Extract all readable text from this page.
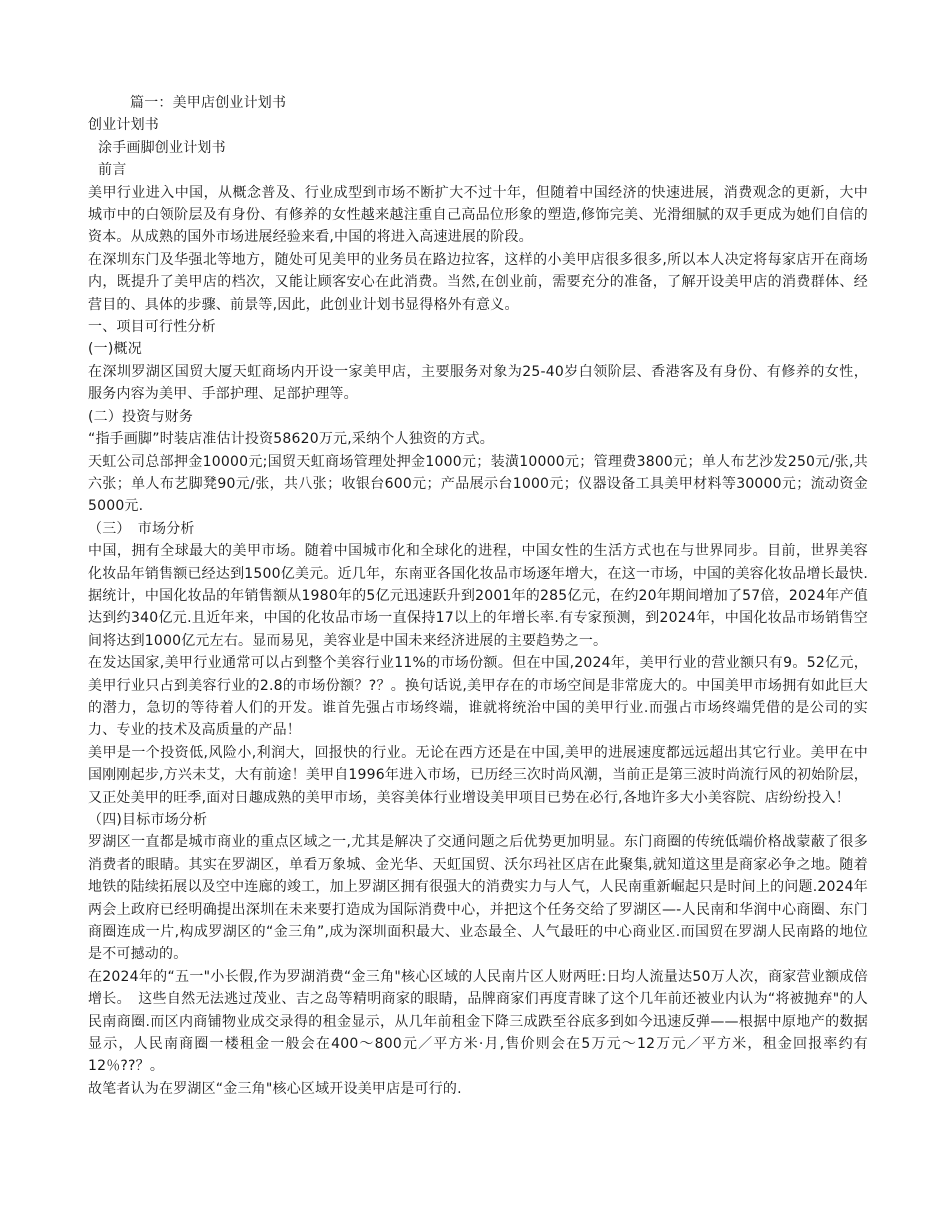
篇一：美甲店创业计划书

创业计划书

涂手画脚创业计划书

前言

美甲行业进入中国，从概念普及、行业成型到市场不断扩大不过十年，但随着中国经济的快速进展，消费观念的更新，大中城市中的白领阶层及有身份、有修养的女性越来越注重自己高品位形象的塑造,修饰完美、光滑细腻的双手更成为她们自信的资本。从成熟的国外市场进展经验来看,中国的将进入高速进展的阶段。

在深圳东门及华强北等地方，随处可见美甲的业务员在路边拉客，这样的小美甲店很多很多,所以本人决定将每家店开在商场内，既提升了美甲店的档次，又能让顾客安心在此消费。当然,在创业前，需要充分的准备，了解开设美甲店的消费群体、经营目的、具体的步骤、前景等,因此，此创业计划书显得格外有意义。

一、项目可行性分析

(一)概况

在深圳罗湖区国贸大厦天虹商场内开设一家美甲店，主要服务对象为25-40岁白领阶层、香港客及有身份、有修养的女性，服务内容为美甲、手部护理、足部护理等。

(二）投资与财务

“指手画脚”时装店准估计投资58620万元,采纳个人独资的方式。

天虹公司总部押金10000元;国贸天虹商场管理处押金1000元；装潢10000元；管理费3800元；单人布艺沙发250元/张,共六张；单人布艺脚凳90元/张，共八张；收银台600元；产品展示台1000元；仪器设备工具美甲材料等30000元；流动资金5000元.

（三）　市场分析

中国，拥有全球最大的美甲市场。随着中国城市化和全球化的进程，中国女性的生活方式也在与世界同步。目前，世界美容化妆品年销售额已经达到1500亿美元。近几年，东南亚各国化妆品市场逐年增大，在这一市场，中国的美容化妆品增长最快.据统计，中国化妆品的年销售额从1980年的5亿元迅速跃升到2001年的285亿元，在约20年期间增加了57倍，2024年产值达到约340亿元.且近年来，中国的化妆品市场一直保持17以上的年增长率.有专家预测，到2024年，中国化妆品市场销售空间将达到1000亿元左右。显而易见，美容业是中国未来经济进展的主要趋势之一。

在发达国家,美甲行业通常可以占到整个美容行业11%的市场份额。但在中国,2024年，美甲行业的营业额只有9。52亿元，美甲行业只占到美容行业的2.8的市场份额？?？。换句话说,美甲存在的市场空间是非常庞大的。中国美甲市场拥有如此巨大的潜力，急切的等待着人们的开发。谁首先强占市场终端，谁就将统治中国的美甲行业.而强占市场终端凭借的是公司的实力、专业的技术及高质量的产品！

美甲是一个投资低,风险小,利润大，回报快的行业。无论在西方还是在中国,美甲的进展速度都远远超出其它行业。美甲在中国刚刚起步,方兴未艾，大有前途！美甲自1996年进入市场，已历经三次时尚风潮，当前正是第三波时尚流行风的初始阶层，又正处美甲的旺季,面对日趣成熟的美甲市场，美容美体行业增设美甲项目已势在必行,各地许多大小美容院、店纷纷投入！

（四)目标市场分析

罗湖区一直都是城市商业的重点区域之一,尤其是解决了交通问题之后优势更加明显。东门商圈的传统低端价格战蒙蔽了很多消费者的眼睛。其实在罗湖区，单看万象城、金光华、天虹国贸、沃尔玛社区店在此聚集,就知道这里是商家必争之地。随着地铁的陆续拓展以及空中连廊的竣工，加上罗湖区拥有很强大的消费实力与人气，人民南重新崛起只是时间上的问题.2024年两会上政府已经明确提出深圳在未来要打造成为国际消费中心，并把这个任务交给了罗湖区—-人民南和华润中心商圈、东门商圈连成一片,构成罗湖区的“金三角”,成为深圳面积最大、业态最全、人气最旺的中心商业区.而国贸在罗湖人民南路的地位是不可撼动的。

在2024年的“五一"小长假,作为罗湖消费“金三角"核心区域的人民南片区人财两旺:日均人流量达50万人次，商家营业额成倍增长。　这些自然无法逃过茂业、吉之岛等精明商家的眼睛，品牌商家们再度青睐了这个几年前还被业内认为“将被抛弃"的人民南商圈.而区内商铺物业成交录得的租金显示，从几年前租金下降三成跌至谷底多到如今迅速反弹——根据中原地产的数据显示，人民南商圈一楼租金一般会在400～800元／平方米·月,售价则会在5万元～12万元／平方米，租金回报率约有12％??？。

故笔者认为在罗湖区“金三角"核心区域开设美甲店是可行的.
